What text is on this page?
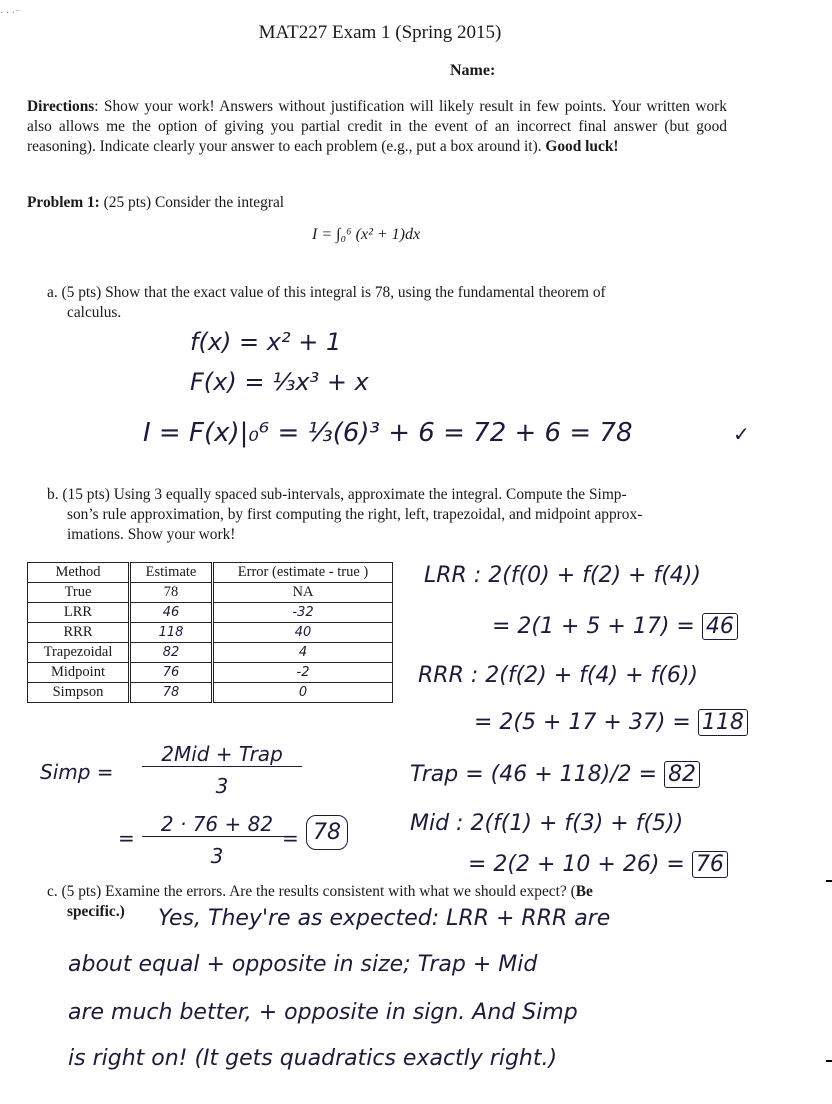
· · ·⁻
MAT227 Exam 1 (Spring 2015)
Name:
Directions: Show your work! Answers without justification will likely result in few points. Your written work also allows me the option of giving you partial credit in the event of an incorrect final answer (but good reasoning). Indicate clearly your answer to each problem (e.g., put a box around it). Good luck!
Problem 1: (25 pts) Consider the integral
I = ∫₀⁶ (x² + 1)dx
a. (5 pts) Show that the exact value of this integral is 78, using the fundamental theorem of
calculus.
f(x) = x² + 1
F(x) = ⅓x³ + x
I = F(x)|₀⁶ = ⅓(6)³ + 6 = 72 + 6 = 78	✓
b. (15 pts) Using 3 equally spaced sub-intervals, approximate the integral. Compute the Simp-
son’s rule approximation, by first computing the right, left, trapezoidal, and midpoint approx-
imations. Show your work!
Method	Estimate	Error (estimate - true )
True	78	NA
LRR	46	-32
RRR	118	40
Trapezoidal	82	4
Midpoint	76	-2
Simpson	78	0
LRR : 2(f(0) + f(2) + f(4))
= 2(1 + 5 + 17) = 46
RRR : 2(f(2) + f(4) + f(6))
= 2(5 + 17 + 37) = 118
Trap = (46 + 118)/2 = 82
Mid : 2(f(1) + f(3) + f(5))
= 2(2 + 10 + 26) = 76
Simp =
2Mid + Trap
3
=
2 · 76 + 82
3
= 78
c. (5 pts) Examine the errors. Are the results consistent with what we should expect? (Be
specific.)	Yes, They're as expected: LRR + RRR are
about equal + opposite in size; Trap + Mid
are much better, + opposite in sign. And Simp
is right on! (It gets quadratics exactly right.)
